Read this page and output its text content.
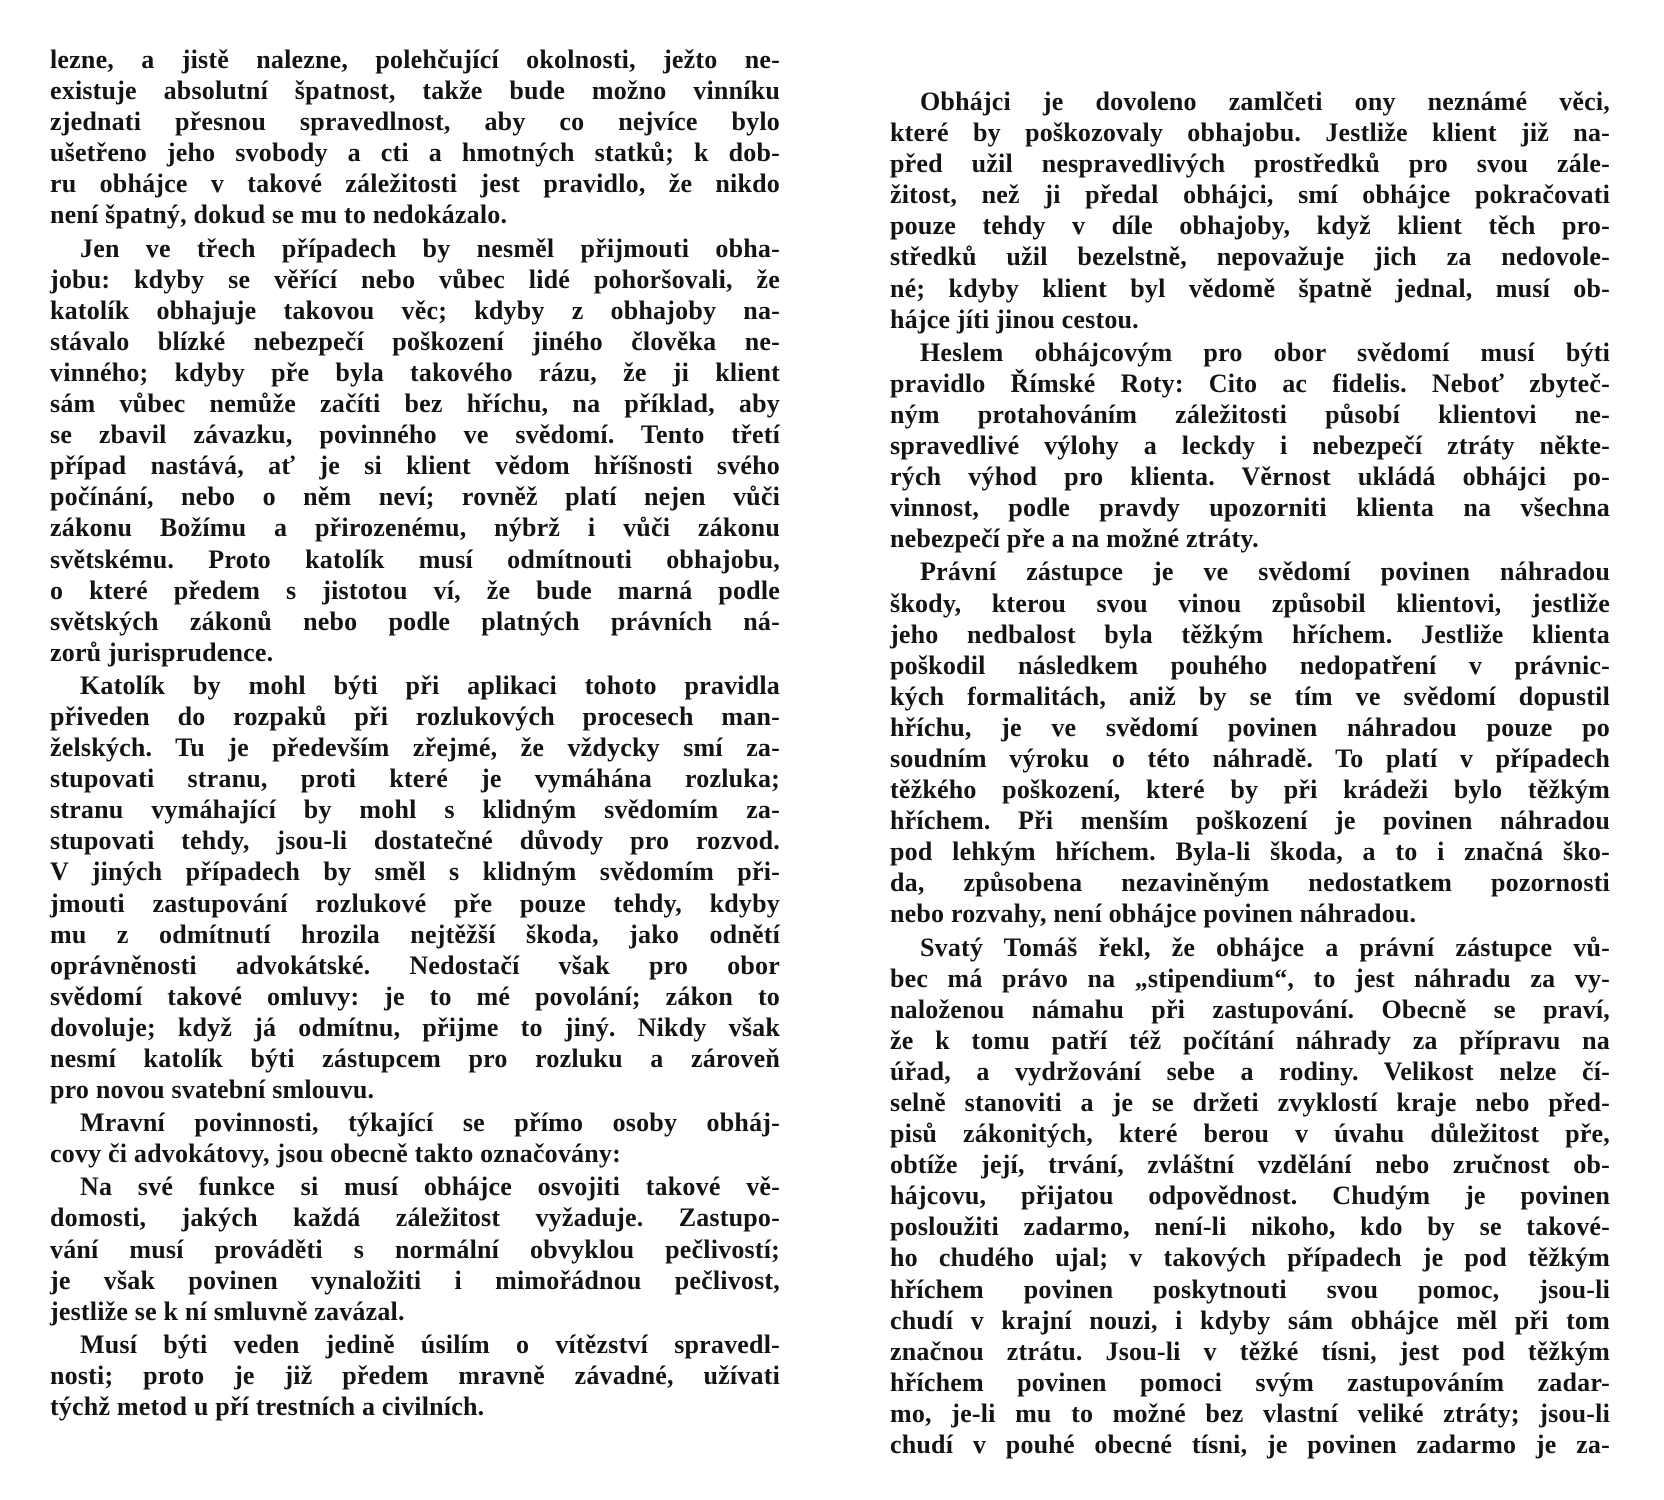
lezne, a jistě nalezne, polehčující okolnosti, ježto ne-
existuje absolutní špatnost, takže bude možno vinníku
zjednati přesnou spravedlnost, aby co nejvíce bylo
ušetřeno jeho svobody a cti a hmotných statků; k dob-
ru obhájce v takové záležitosti jest pravidlo, že nikdo
není špatný, dokud se mu to nedokázalo.
Jen ve třech případech by nesměl přijmouti obha-
jobu: kdyby se věřící nebo vůbec lidé pohoršovali, že
katolík obhajuje takovou věc; kdyby z obhajoby na-
stávalo blízké nebezpečí poškození jiného člověka ne-
vinného; kdyby pře byla takového rázu, že ji klient
sám vůbec nemůže začíti bez hříchu, na příklad, aby
se zbavil závazku, povinného ve svědomí. Tento třetí
případ nastává, ať je si klient vědom hříšnosti svého
počínání, nebo o něm neví; rovněž platí nejen vůči
zákonu Božímu a přirozenému, nýbrž i vůči zákonu
světskému. Proto katolík musí odmítnouti obhajobu,
o které předem s jistotou ví, že bude marná podle
světských zákonů nebo podle platných právních ná-
zorů jurisprudence.
Katolík by mohl býti při aplikaci tohoto pravidla
přiveden do rozpaků při rozlukových procesech man-
želských. Tu je především zřejmé, že vždycky smí za-
stupovati stranu, proti které je vymáhána rozluka;
stranu vymáhající by mohl s klidným svědomím za-
stupovati tehdy, jsou-li dostatečné důvody pro rozvod.
V jiných případech by směl s klidným svědomím při-
jmouti zastupování rozlukové pře pouze tehdy, kdyby
mu z odmítnutí hrozila nejtěžší škoda, jako odnětí
oprávněnosti advokátské. Nedostačí však pro obor
svědomí takové omluvy: je to mé povolání; zákon to
dovoluje; když já odmítnu, přijme to jiný. Nikdy však
nesmí katolík býti zástupcem pro rozluku a zároveň
pro novou svatební smlouvu.
Mravní povinnosti, týkající se přímo osoby obháj-
covy či advokátovy, jsou obecně takto označovány:
Na své funkce si musí obhájce osvojiti takové vě-
domosti, jakých každá záležitost vyžaduje. Zastupo-
vání musí prováděti s normální obvyklou pečlivostí;
je však povinen vynaložiti i mimořádnou pečlivost,
jestliže se k ní smluvně zavázal.
Musí býti veden jedině úsilím o vítězství spravedl-
nosti; proto je již předem mravně závadné, užívati
týchž metod u pří trestních a civilních.
Obhájci je dovoleno zamlčeti ony neznámé věci,
které by poškozovaly obhajobu. Jestliže klient již na-
před užil nespravedlivých prostředků pro svou zále-
žitost, než ji předal obhájci, smí obhájce pokračovati
pouze tehdy v díle obhajoby, když klient těch pro-
středků užil bezelstně, nepovažuje jich za nedovole-
né; kdyby klient byl vědomě špatně jednal, musí ob-
hájce jíti jinou cestou.
Heslem obhájcovým pro obor svědomí musí býti
pravidlo Římské Roty: Cito ac fidelis. Neboť zbyteč-
ným protahováním záležitosti působí klientovi ne-
spravedlivé výlohy a leckdy i nebezpečí ztráty někte-
rých výhod pro klienta. Věrnost ukládá obhájci po-
vinnost, podle pravdy upozorniti klienta na všechna
nebezpečí pře a na možné ztráty.
Právní zástupce je ve svědomí povinen náhradou
škody, kterou svou vinou způsobil klientovi, jestliže
jeho nedbalost byla těžkým hříchem. Jestliže klienta
poškodil následkem pouhého nedopatření v právnic-
kých formalitách, aniž by se tím ve svědomí dopustil
hříchu, je ve svědomí povinen náhradou pouze po
soudním výroku o této náhradě. To platí v případech
těžkého poškození, které by při krádeži bylo těžkým
hříchem. Při menším poškození je povinen náhradou
pod lehkým hříchem. Byla-li škoda, a to i značná ško-
da, způsobena nezaviněným nedostatkem pozornosti
nebo rozvahy, není obhájce povinen náhradou.
Svatý Tomáš řekl, že obhájce a právní zástupce vů-
bec má právo na „stipendium“, to jest náhradu za vy-
naloženou námahu při zastupování. Obecně se praví,
že k tomu patří též počítání náhrady za přípravu na
úřad, a vydržování sebe a rodiny. Velikost nelze čí-
selně stanoviti a je se držeti zvyklostí kraje nebo před-
pisů zákonitých, které berou v úvahu důležitost pře,
obtíže její, trvání, zvláštní vzdělání nebo zručnost ob-
hájcovu, přijatou odpovědnost. Chudým je povinen
posloužiti zadarmo, není-li nikoho, kdo by se takové-
ho chudého ujal; v takových případech je pod těžkým
hříchem povinen poskytnouti svou pomoc, jsou-li
chudí v krajní nouzi, i kdyby sám obhájce měl při tom
značnou ztrátu. Jsou-li v těžké tísni, jest pod těžkým
hříchem povinen pomoci svým zastupováním zadar-
mo, je-li mu to možné bez vlastní veliké ztráty; jsou-li
chudí v pouhé obecné tísni, je povinen zadarmo je za-
